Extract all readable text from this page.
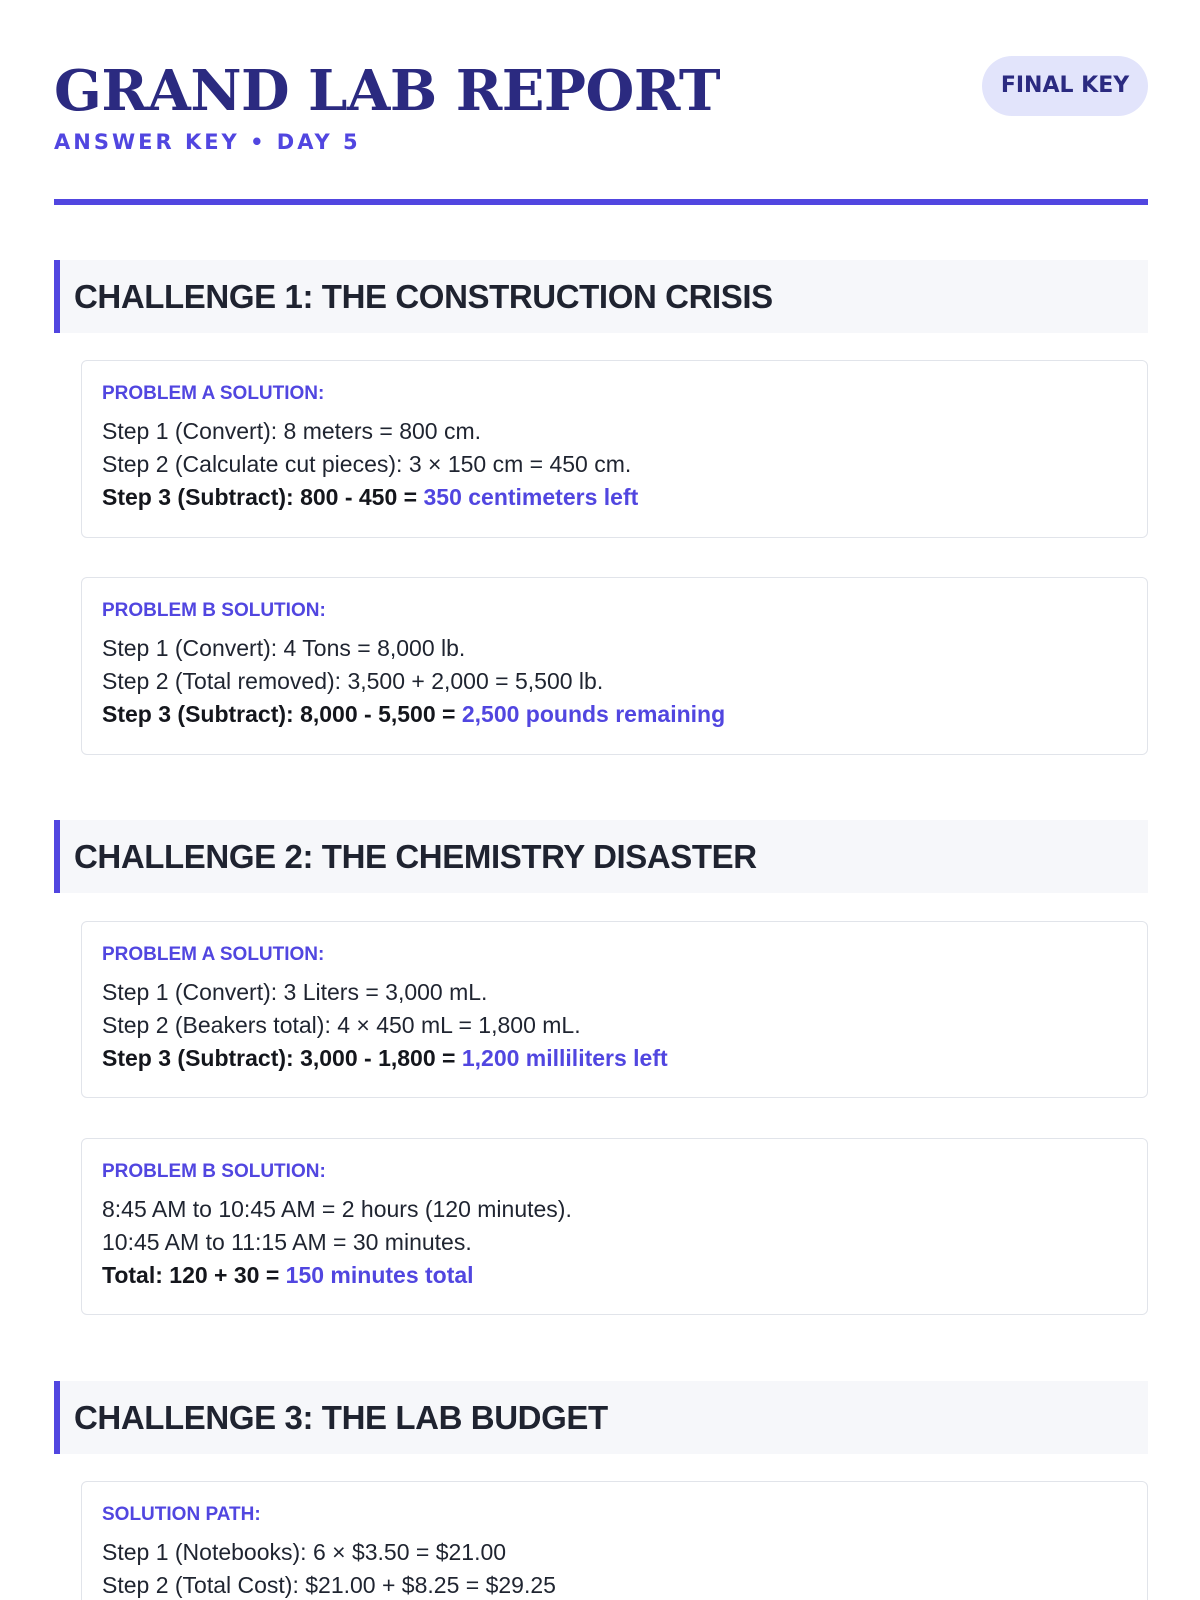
GRAND LAB REPORT
ANSWER KEY • DAY 5
FINAL KEY
CHALLENGE 1: THE CONSTRUCTION CRISIS
PROBLEM A SOLUTION:
Step 1 (Convert): 8 meters = 800 cm.
Step 2 (Calculate cut pieces): 3 × 150 cm = 450 cm.
Step 3 (Subtract): 800 - 450 = 350 centimeters left
PROBLEM B SOLUTION:
Step 1 (Convert): 4 Tons = 8,000 lb.
Step 2 (Total removed): 3,500 + 2,000 = 5,500 lb.
Step 3 (Subtract): 8,000 - 5,500 = 2,500 pounds remaining
CHALLENGE 2: THE CHEMISTRY DISASTER
PROBLEM A SOLUTION:
Step 1 (Convert): 3 Liters = 3,000 mL.
Step 2 (Beakers total): 4 × 450 mL = 1,800 mL.
Step 3 (Subtract): 3,000 - 1,800 = 1,200 milliliters left
PROBLEM B SOLUTION:
8:45 AM to 10:45 AM = 2 hours (120 minutes).
10:45 AM to 11:15 AM = 30 minutes.
Total: 120 + 30 = 150 minutes total
CHALLENGE 3: THE LAB BUDGET
SOLUTION PATH:
Step 1 (Notebooks): 6 × $3.50 = $21.00
Step 2 (Total Cost): $21.00 + $8.25 = $29.25
